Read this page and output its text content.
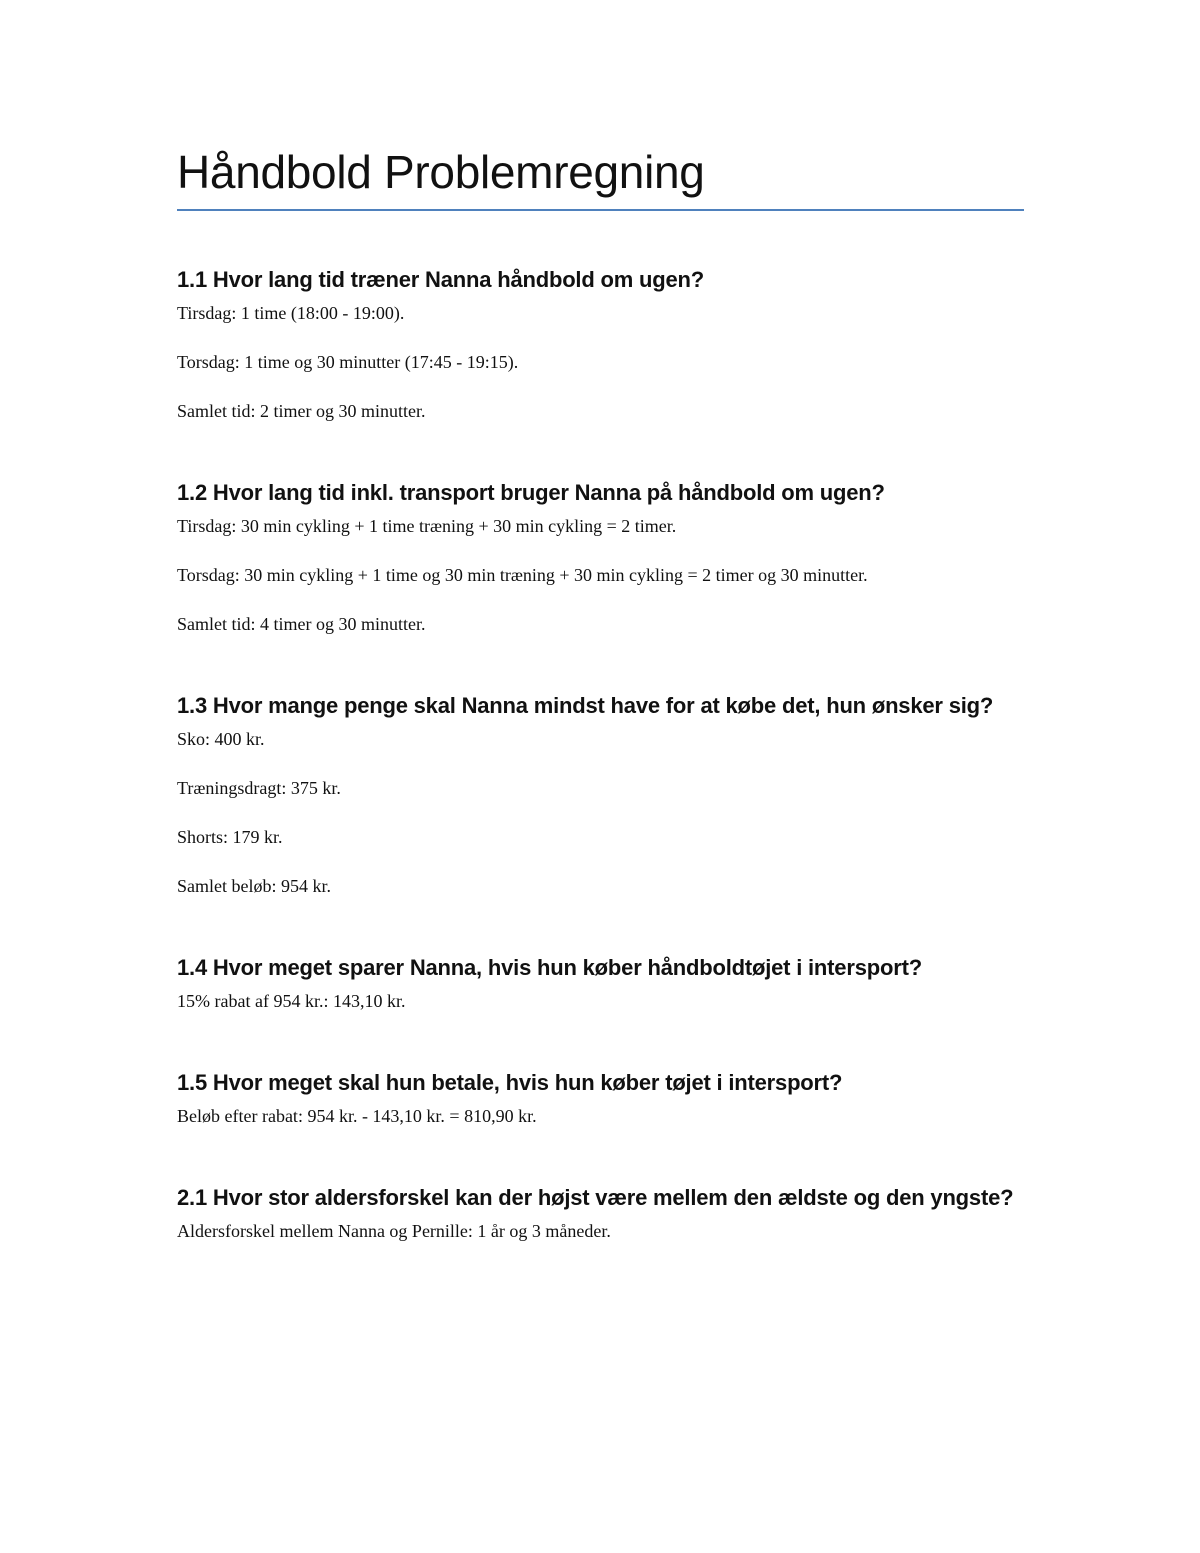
Håndbold Problemregning
1.1 Hvor lang tid træner Nanna håndbold om ugen?

Tirsdag: 1 time (18:00 - 19:00).

Torsdag: 1 time og 30 minutter (17:45 - 19:15).

Samlet tid: 2 timer og 30 minutter.

1.2 Hvor lang tid inkl. transport bruger Nanna på håndbold om ugen?

Tirsdag: 30 min cykling + 1 time træning + 30 min cykling = 2 timer.

Torsdag: 30 min cykling + 1 time og 30 min træning + 30 min cykling = 2 timer og 30 minutter.

Samlet tid: 4 timer og 30 minutter.

1.3 Hvor mange penge skal Nanna mindst have for at købe det, hun ønsker sig?

Sko: 400 kr.

Træningsdragt: 375 kr.

Shorts: 179 kr.

Samlet beløb: 954 kr.

1.4 Hvor meget sparer Nanna, hvis hun køber håndboldtøjet i intersport?

15% rabat af 954 kr.: 143,10 kr.

1.5 Hvor meget skal hun betale, hvis hun køber tøjet i intersport?

Beløb efter rabat: 954 kr. - 143,10 kr. = 810,90 kr.

2.1 Hvor stor aldersforskel kan der højst være mellem den ældste og den yngste?

Aldersforskel mellem Nanna og Pernille: 1 år og 3 måneder.
